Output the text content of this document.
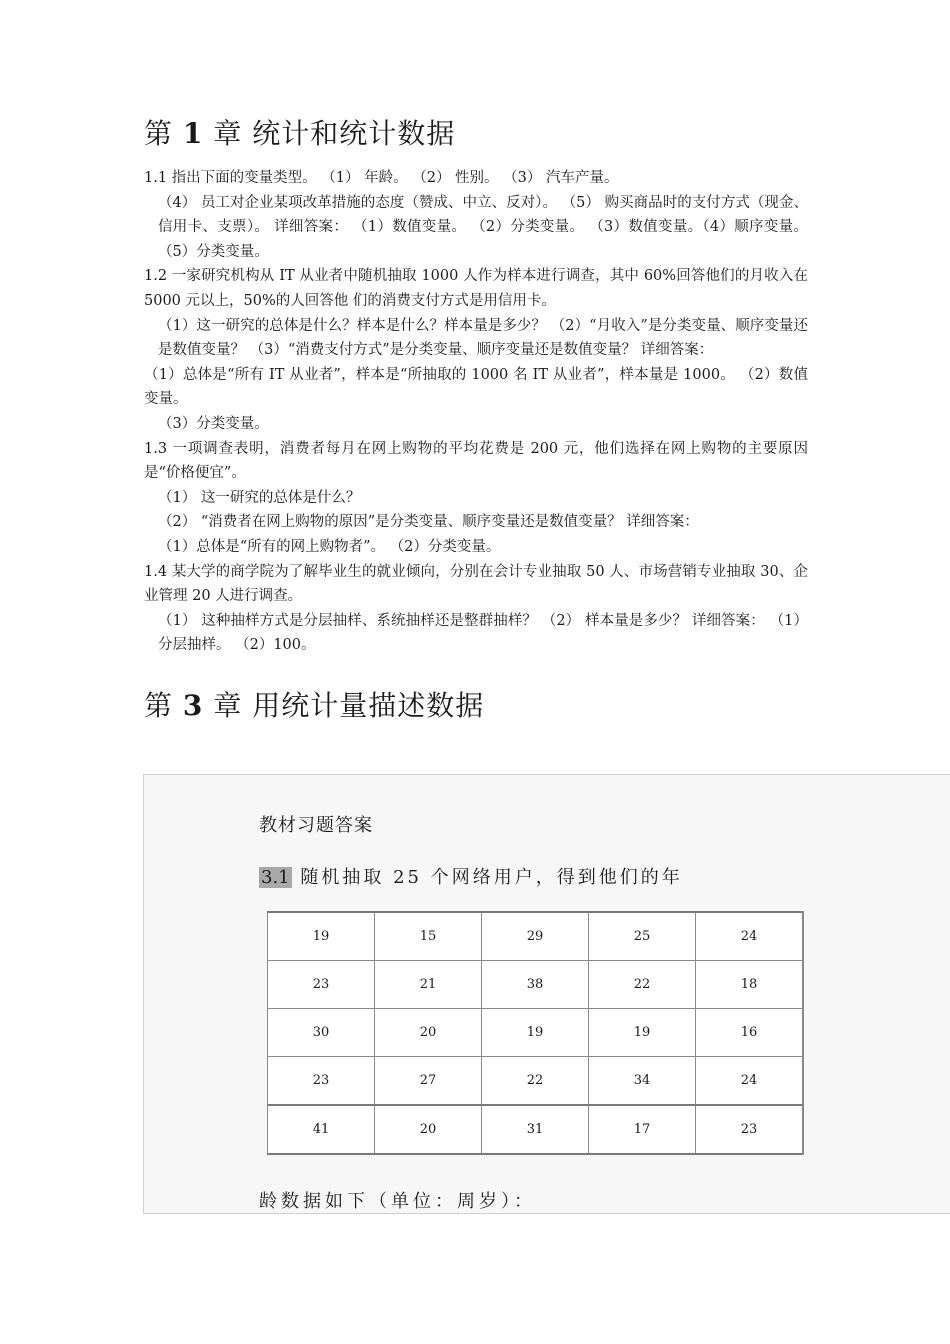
第 1 章 统计和统计数据

1.1 指出下面的变量类型。 （1） 年龄。 （2） 性别。 （3） 汽车产量。

（4） 员工对企业某项改革措施的态度（赞成、中立、反对）。 （5） 购买商品时的支付方式（现金、信用卡、支票）。 详细答案： （1）数值变量。 （2）分类变量。 （3）数值变量。（4）顺序变量。 （5）分类变量。

1.2 一家研究机构从 IT 从业者中随机抽取 1000 人作为样本进行调查，其中 60%回答他们的月收入在 5000 元以上，50%的人回答他 们的消费支付方式是用信用卡。

（1）这一研究的总体是什么？样本是什么？样本量是多少？ （2）“月收入”是分类变量、顺序变量还是数值变量？ （3）“消费支付方式”是分类变量、顺序变量还是数值变量？ 详细答案：

（1）总体是“所有 IT 从业者”，样本是“所抽取的 1000 名 IT 从业者”，样本量是 1000。 （2）数值变量。

（3）分类变量。

1.3 一项调查表明，消费者每月在网上购物的平均花费是 200 元，他们选择在网上购物的主要原因是“价格便宜”。

（1） 这一研究的总体是什么？

（2） “消费者在网上购物的原因”是分类变量、顺序变量还是数值变量？ 详细答案：

（1）总体是“所有的网上购物者”。 （2）分类变量。

1.4 某大学的商学院为了解毕业生的就业倾向，分别在会计专业抽取 50 人、市场营销专业抽取 30、企业管理 20 人进行调查。

（1） 这种抽样方式是分层抽样、系统抽样还是整群抽样？ （2） 样本量是多少？ 详细答案： （1）分层抽样。 （2）100。

第 3 章 用统计量描述数据
教材习题答案
3.1 随机抽取 25 个网络用户，得到他们的年
19	15	29	25	24
23	21	38	22	18
30	20	19	19	16
23	27	22	34	24
41	20	31	17	23
龄数据如下（单位：周岁）：
